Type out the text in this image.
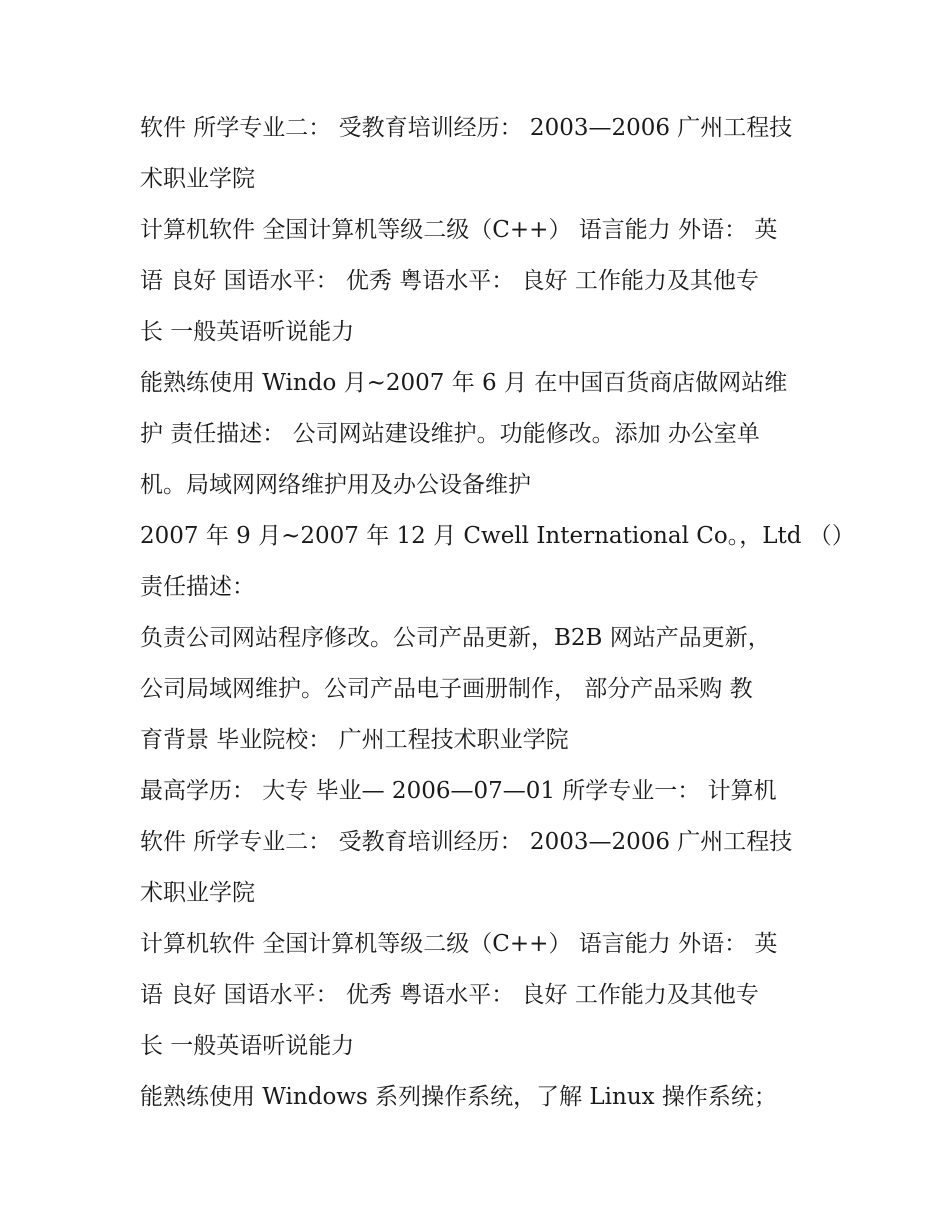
软件 所学专业二： 受教育培训经历： 2003—2006 广州工程技
术职业学院
计算机软件 全国计算机等级二级（C++） 语言能力 外语： 英
语 良好 国语水平： 优秀 粤语水平： 良好 工作能力及其他专
长 一般英语听说能力
能熟练使用 Windo 月~2007 年 6 月 在中国百货商店做网站维
护 责任描述： 公司网站建设维护。功能修改。添加 办公室单
机。局域网网络维护用及办公设备维护
2007 年 9 月~2007 年 12 月 Cwell International Co。，Ltd （）
责任描述：
负责公司网站程序修改。公司产品更新，B2B 网站产品更新，
公司局域网维护。公司产品电子画册制作， 部分产品采购 教
育背景 毕业院校： 广州工程技术职业学院
最高学历： 大专 毕业— 2006—07—01 所学专业一： 计算机
软件 所学专业二： 受教育培训经历： 2003—2006 广州工程技
术职业学院
计算机软件 全国计算机等级二级（C++） 语言能力 外语： 英
语 良好 国语水平： 优秀 粤语水平： 良好 工作能力及其他专
长 一般英语听说能力
能熟练使用 Windows 系列操作系统，了解 Linux 操作系统；
